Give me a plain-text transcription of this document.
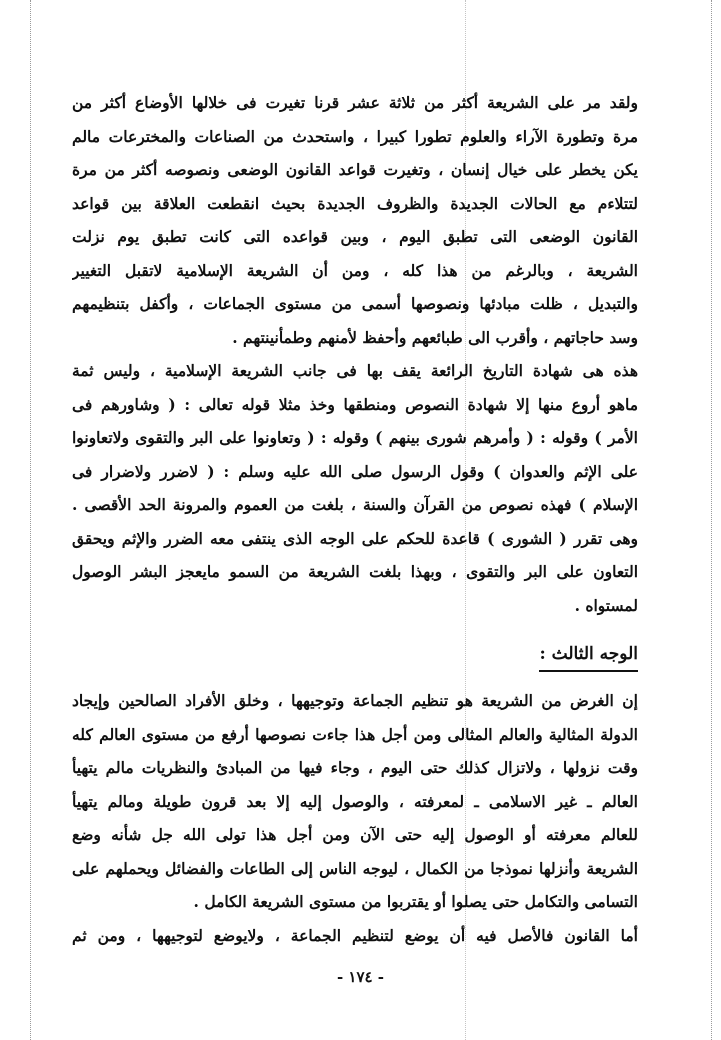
ولقد مر على الشريعة أكثر من ثلاثة عشر قرنا تغيرت فى خلالها الأوضاع أكثر من
مرة وتطورة الآراء والعلوم تطورا كبيرا ، واستحدث من الصناعات والمخترعات مالم
يكن يخطر على خيال إنسان ، وتغيرت قواعد القانون الوضعى ونصوصه أكثر من مرة
لتتلاءم مع الحالات الجديدة والظروف الجديدة بحيث انقطعت العلاقة بين قواعد
القانون الوضعى التى تطبق اليوم ، وبين قواعده التى كانت تطبق يوم نزلت
الشريعة ، وبالرغم من هذا كله ، ومن أن الشريعة الإسلامية لاتقبل التغيير
والتبديل ، ظلت مبادئها ونصوصها أسمى من مستوى الجماعات ، وأكفل بتنظيمهم
وسد حاجاتهم ، وأقرب الى طبائعهم وأحفظ لأمنهم وطمأنينتهم .
هذه هى شهادة التاريخ الرائعة يقف بها فى جانب الشريعة الإسلامية ، وليس ثمة
ماهو أروع منها إلا شهادة النصوص ومنطقها وخذ مثلا قوله تعالى : ( وشاورهم فى
الأمر ) وقوله : ( وأمرهم شورى بينهم ) وقوله : ( وتعاونوا على البر والتقوى ولاتعاونوا
على الإثم والعدوان ) وقول الرسول صلى الله عليه وسلم : ( لاضرر ولاضرار فى
الإسلام ) فهذه نصوص من القرآن والسنة ، بلغت من العموم والمرونة الحد الأقصى .
وهى تقرر ( الشورى ) قاعدة للحكم على الوجه الذى ينتفى معه الضرر والإثم ويحقق
التعاون على البر والتقوى ، وبهذا بلغت الشريعة من السمو مايعجز البشر الوصول
لمستواه .
الوجه الثالث :
إن الغرض من الشريعة هو تنظيم الجماعة وتوجيهها ، وخلق الأفراد الصالحين وإيجاد
الدولة المثالية والعالم المثالى ومن أجل هذا جاءت نصوصها أرفع من مستوى العالم كله
وقت نزولها ، ولاتزال كذلك حتى اليوم ، وجاء فيها من المبادئ والنظريات مالم يتهيأ
العالم ـ غير الاسلامى ـ لمعرفته ، والوصول إليه إلا بعد قرون طويلة ومالم يتهيأ
للعالم معرفته أو الوصول إليه حتى الآن ومن أجل هذا تولى الله جل شأنه وضع
الشريعة وأنزلها نموذجا من الكمال ، ليوجه الناس إلى الطاعات والفضائل ويحملهم على
التسامى والتكامل حتى يصلوا أو يقتربوا من مستوى الشريعة الكامل .
أما القانون فالأصل فيه أن يوضع لتنظيم الجماعة ، ولايوضع لتوجيهها ، ومن ثم
- ١٧٤ -
